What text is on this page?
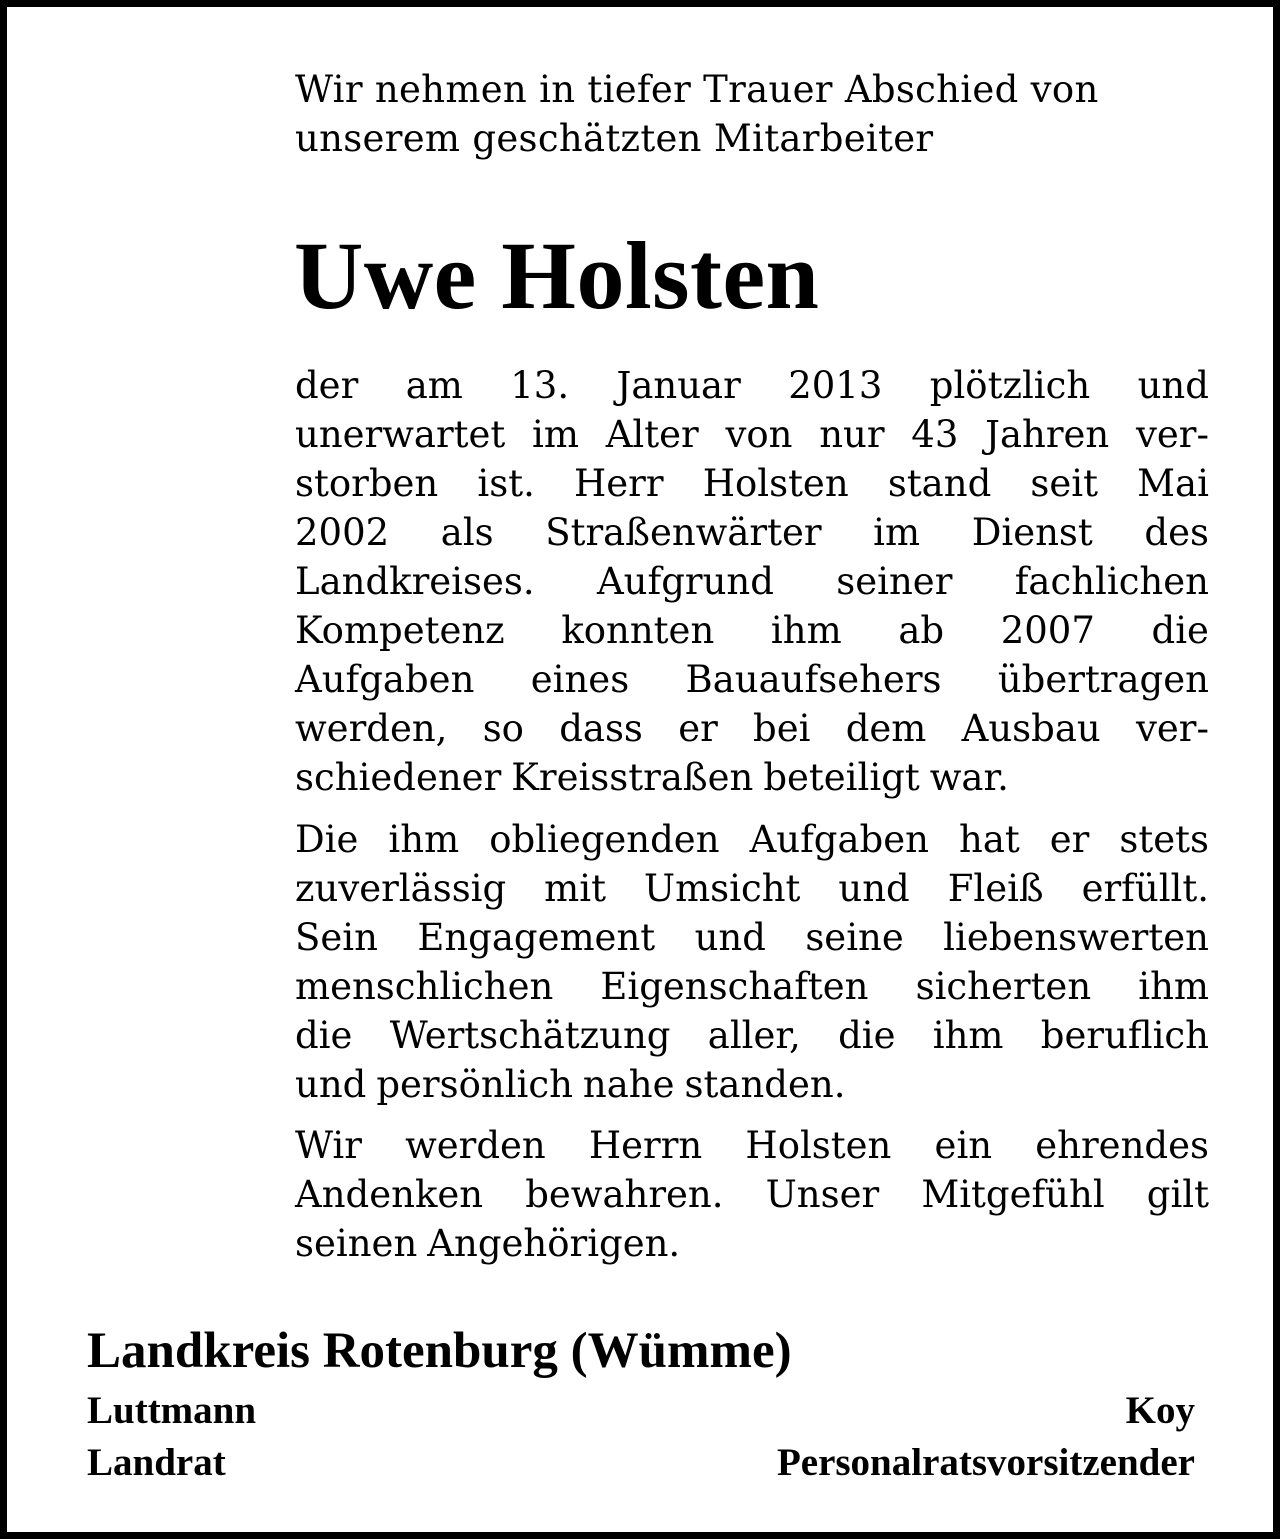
Wir nehmen in tiefer Trauer Abschied von
unserem geschätzten Mitarbeiter
Uwe Holsten
der am 13. Januar 2013 plötzlich und
unerwartet im Alter von nur 43 Jahren ver-
storben ist. Herr Holsten stand seit Mai
2002 als Straßenwärter im Dienst des
Landkreises. Aufgrund seiner fachlichen
Kompetenz konnten ihm ab 2007 die
Aufgaben eines Bauaufsehers übertragen
werden, so dass er bei dem Ausbau ver-
schiedener Kreisstraßen beteiligt war.
Die ihm obliegenden Aufgaben hat er stets
zuverlässig mit Umsicht und Fleiß erfüllt.
Sein Engagement und seine liebenswerten
menschlichen Eigenschaften sicherten ihm
die Wertschätzung aller, die ihm beruflich
und persönlich nahe standen.
Wir werden Herrn Holsten ein ehrendes
Andenken bewahren. Unser Mitgefühl gilt
seinen Angehörigen.
Landkreis Rotenburg (Wümme)
Luttmann
Landrat
Koy
Personalratsvorsitzender
